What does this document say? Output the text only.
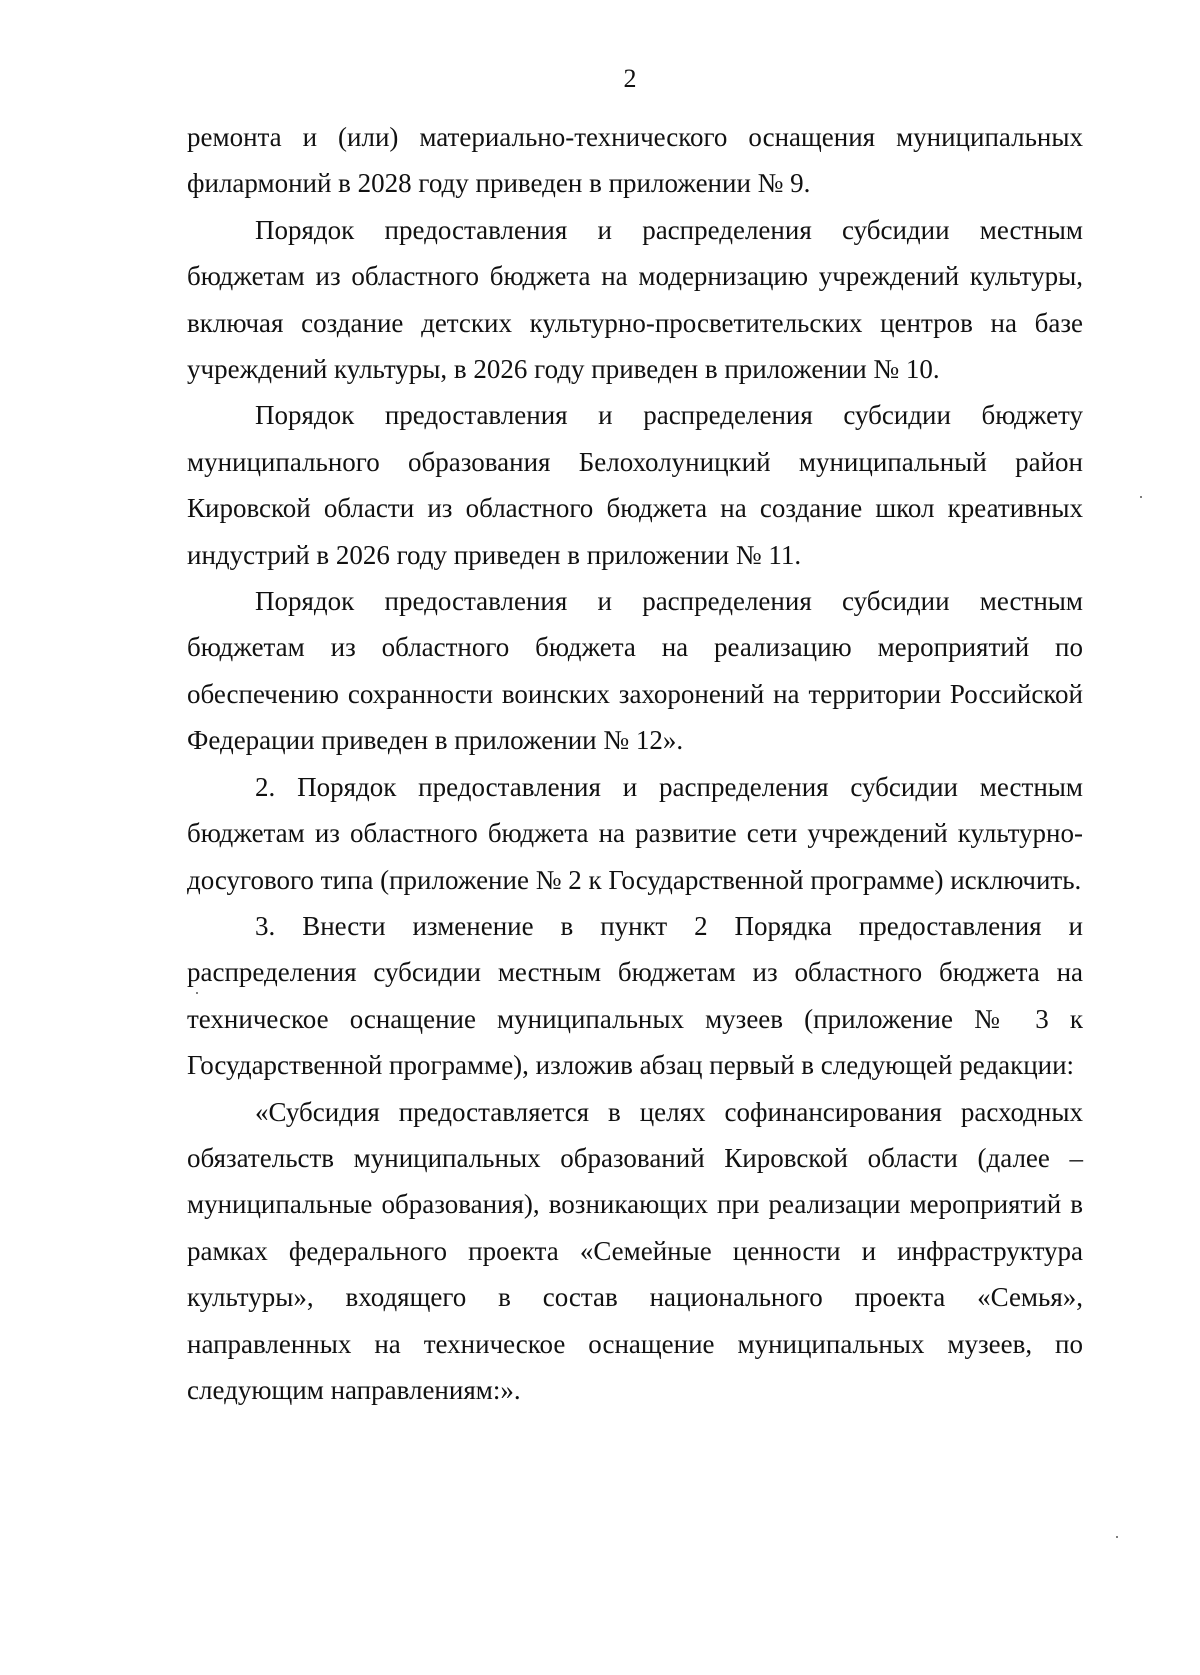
2

ремонта и (или) материально-технического оснащения муниципальных филармоний в 2028 году приведен в приложении № 9.

Порядок предоставления и распределения субсидии местным бюджетам из областного бюджета на модернизацию учреждений культуры, включая создание детских культурно-просветительских центров на базе учреждений культуры, в 2026 году приведен в приложении № 10.

Порядок предоставления и распределения субсидии бюджету муниципального образования Белохолуницкий муниципальный район Кировской области из областного бюджета на создание школ креативных индустрий в 2026 году приведен в приложении № 11.

Порядок предоставления и распределения субсидии местным бюджетам из областного бюджета на реализацию мероприятий по обеспечению сохранности воинских захоронений на территории Российской Федерации приведен в приложении № 12».

2. Порядок предоставления и распределения субсидии местным бюджетам из областного бюджета на развитие сети учреждений культурно-досугового типа (приложение № 2 к Государственной программе) исключить.

3. Внести изменение в пункт 2 Порядка предоставления и распределения субсидии местным бюджетам из областного бюджета на техническое оснащение муниципальных музеев (приложение № 3 к Государственной программе), изложив абзац первый в следующей редакции:

«Субсидия предоставляется в целях софинансирования расходных обязательств муниципальных образований Кировской области (далее – муниципальные образования), возникающих при реализации мероприятий в рамках федерального проекта «Семейные ценности и инфраструктура культуры», входящего в состав национального проекта «Семья», направленных на техническое оснащение муниципальных музеев, по следующим направлениям:».
